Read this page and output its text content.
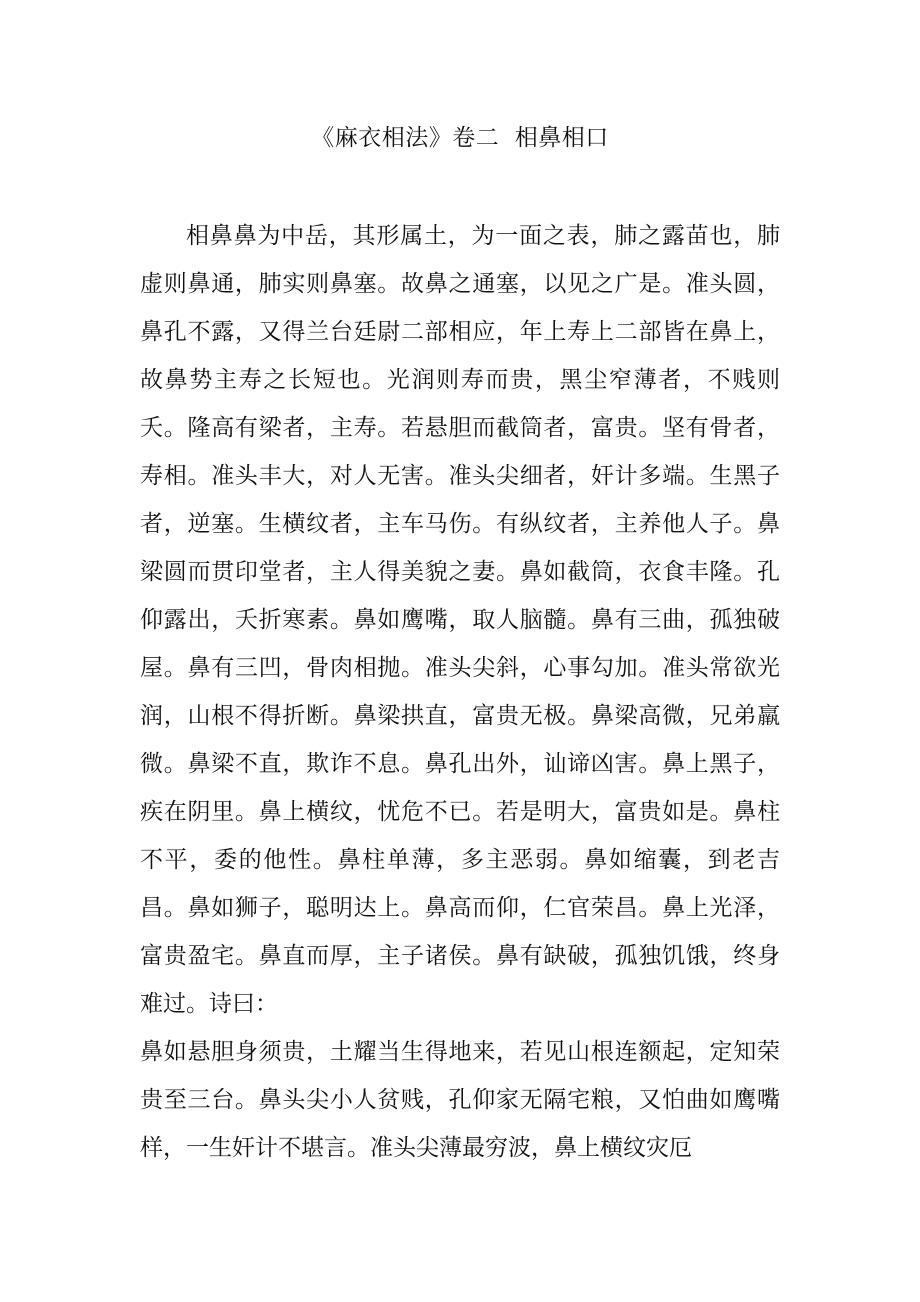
《麻衣相法》卷二  相鼻相口

相鼻鼻为中岳，其形属土，为一面之表，肺之露苗也，肺虚则鼻通，肺实则鼻塞。故鼻之通塞，以见之广是。准头圆，鼻孔不露，又得兰台廷尉二部相应，年上寿上二部皆在鼻上，故鼻势主寿之长短也。光润则寿而贵，黑尘窄薄者，不贱则夭。隆高有梁者，主寿。若悬胆而截筒者，富贵。坚有骨者，寿相。准头丰大，对人无害。准头尖细者，奸计多端。生黑子者，逆塞。生横纹者，主车马伤。有纵纹者，主养他人子。鼻梁圆而贯印堂者，主人得美貌之妻。鼻如截筒，衣食丰隆。孔仰露出，夭折寒素。鼻如鹰嘴，取人脑髓。鼻有三曲，孤独破屋。鼻有三凹，骨肉相抛。准头尖斜，心事勾加。准头常欲光润，山根不得折断。鼻梁拱直，富贵无极。鼻梁高微，兄弟羸微。鼻梁不直，欺诈不息。鼻孔出外，讪谛凶害。鼻上黑子，疾在阴里。鼻上横纹，忧危不已。若是明大，富贵如是。鼻柱不平，委的他性。鼻柱单薄，多主恶弱。鼻如缩囊，到老吉昌。鼻如狮子，聪明达上。鼻高而仰，仁官荣昌。鼻上光泽，富贵盈宅。鼻直而厚，主子诸侯。鼻有缺破，孤独饥饿，终身难过。诗曰：

鼻如悬胆身须贵，土耀当生得地来，若见山根连额起，定知荣贵至三台。鼻头尖小人贫贱，孔仰家无隔宅粮，又怕曲如鹰嘴样，一生奸计不堪言。准头尖薄最穷波，鼻上横纹灾厄
